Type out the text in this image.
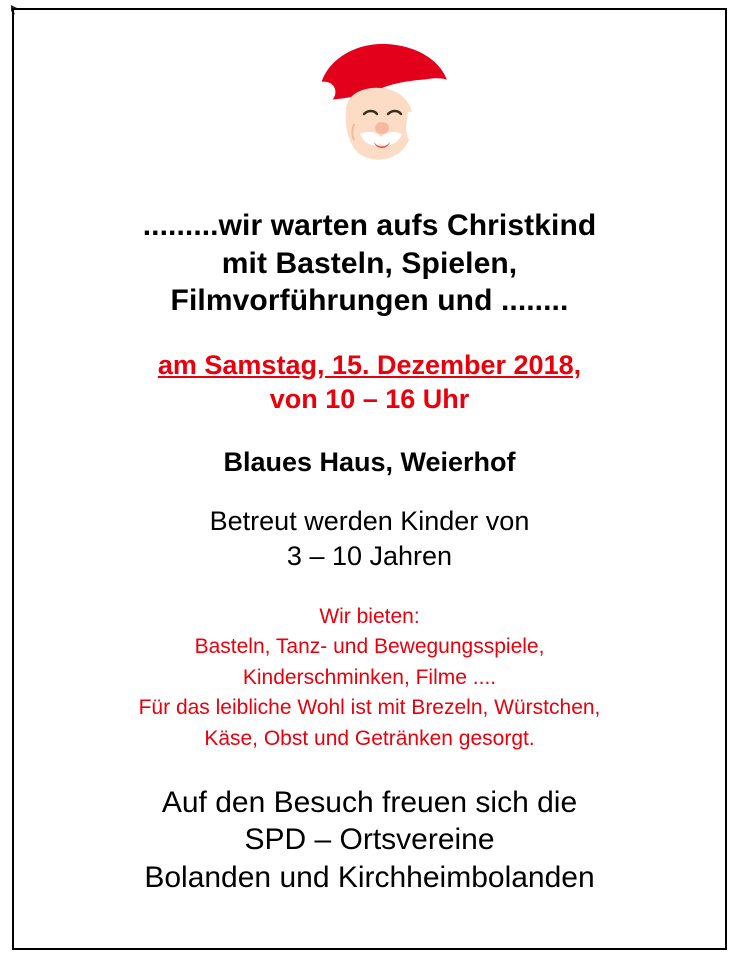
.........wir warten aufs Christkind
mit Basteln, Spielen,
Filmvorführungen und ........
am Samstag, 15. Dezember 2018,
von 10 – 16 Uhr
Blaues Haus, Weierhof
Betreut werden Kinder von
3 – 10 Jahren
Wir bieten:
Basteln, Tanz- und Bewegungsspiele,
Kinderschminken, Filme ....
Für das leibliche Wohl ist mit Brezeln, Würstchen,
Käse, Obst und Getränken gesorgt.
Auf den Besuch freuen sich die
SPD – Ortsvereine
Bolanden und Kirchheimbolanden
